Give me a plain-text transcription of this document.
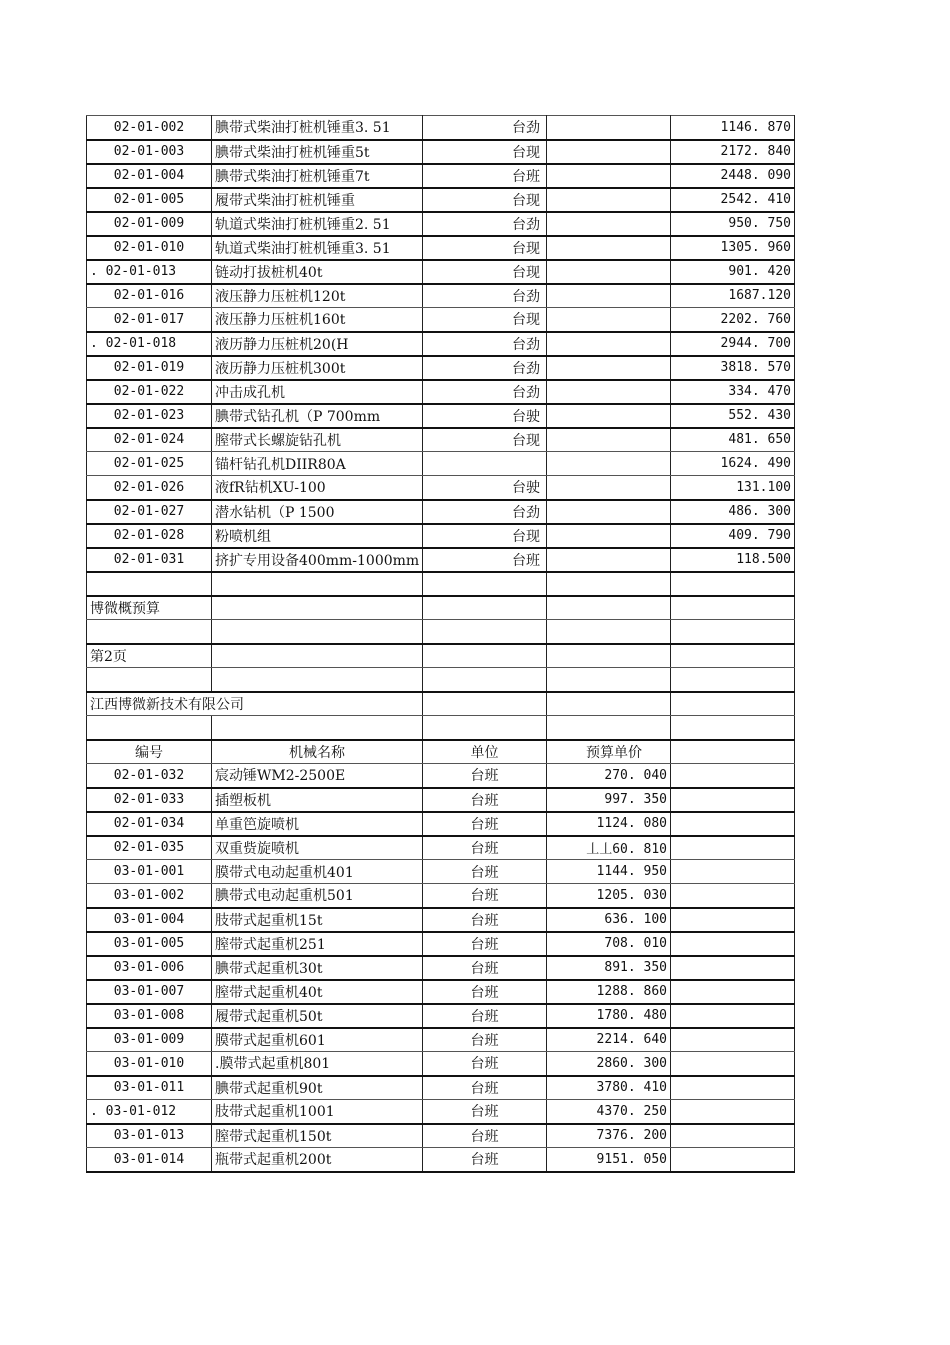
02-01-002	腆带式柴油打桩机锤重3. 51	台劲		1146. 870
02-01-003	腆带式柴油打桩机锤重5t	台现		2172. 840
02-01-004	腆带式柴油打桩机锤重7t	台班		2448. 090
02-01-005	履带式柴油打桩机锤重	台现		2542. 410
02-01-009	轨道式柴油打桩机锤重2. 51	台劲		950. 750
02-01-010	轨道式柴油打桩机锤重3. 51	台现		1305. 960
. 02-01-013	链动打拔桩机40t	台现		901. 420
02-01-016	液压静力压桩机120t	台劲		1687.120
02-01-017	液压静力压桩机160t	台现		2202. 760
. 02-01-018	液历静力压桩机20(H	台劲		2944. 700
02-01-019	液历静力压桩机300t	台劲		3818. 570
02-01-022	冲击成孔机	台劲		334. 470
02-01-023	腆带式钻孔机（P 700mm	台驶		552. 430
02-01-024	膣带式长螺旋钻孔机	台现		481. 650
02-01-025	锚杆钻孔机DIIR80A			1624. 490
02-01-026	液fR钻机XU-100	台驶		131.100
02-01-027	潜水钻机（P 1500	台劲		486. 300
02-01-028	粉喷机组	台现		409. 790
02-01-031	挤扩专用设备400mm-1000mm	台班		118.500

博微概预算				

第2页				

江西博微新技术有限公司				

编号	机械名称	单位	预算单价	
02-01-032	宸动锤WM2-2500E	台班	270. 040	
02-01-033	插塑板机	台班	997. 350	
02-01-034	单重笆旋喷机	台班	1124. 080	
02-01-035	双重赀旋喷机	台班	丄丄60. 810	
03-01-001	膜带式电动起重机401	台班	1144. 950	
03-01-002	腆带式电动起重机501	台班	1205. 030	
03-01-004	肢带式起重机15t	台班	636. 100	
03-01-005	膣带式起重机251	台班	708. 010	
03-01-006	腆带式起重机30t	台班	891. 350	
03-01-007	膣带式起重机40t	台班	1288. 860	
03-01-008	履带式起重机50t	台班	1780. 480	
03-01-009	膜带式起重机601	台班	2214. 640	
03-01-010	.膜带式起重机801	台班	2860. 300	
03-01-011	腆带式起重机90t	台班	3780. 410	
. 03-01-012	肢带式起重机1001	台班	4370. 250	
03-01-013	膣带式起重机150t	台班	7376. 200	
03-01-014	瓶带式起重机200t	台班	9151. 050	
